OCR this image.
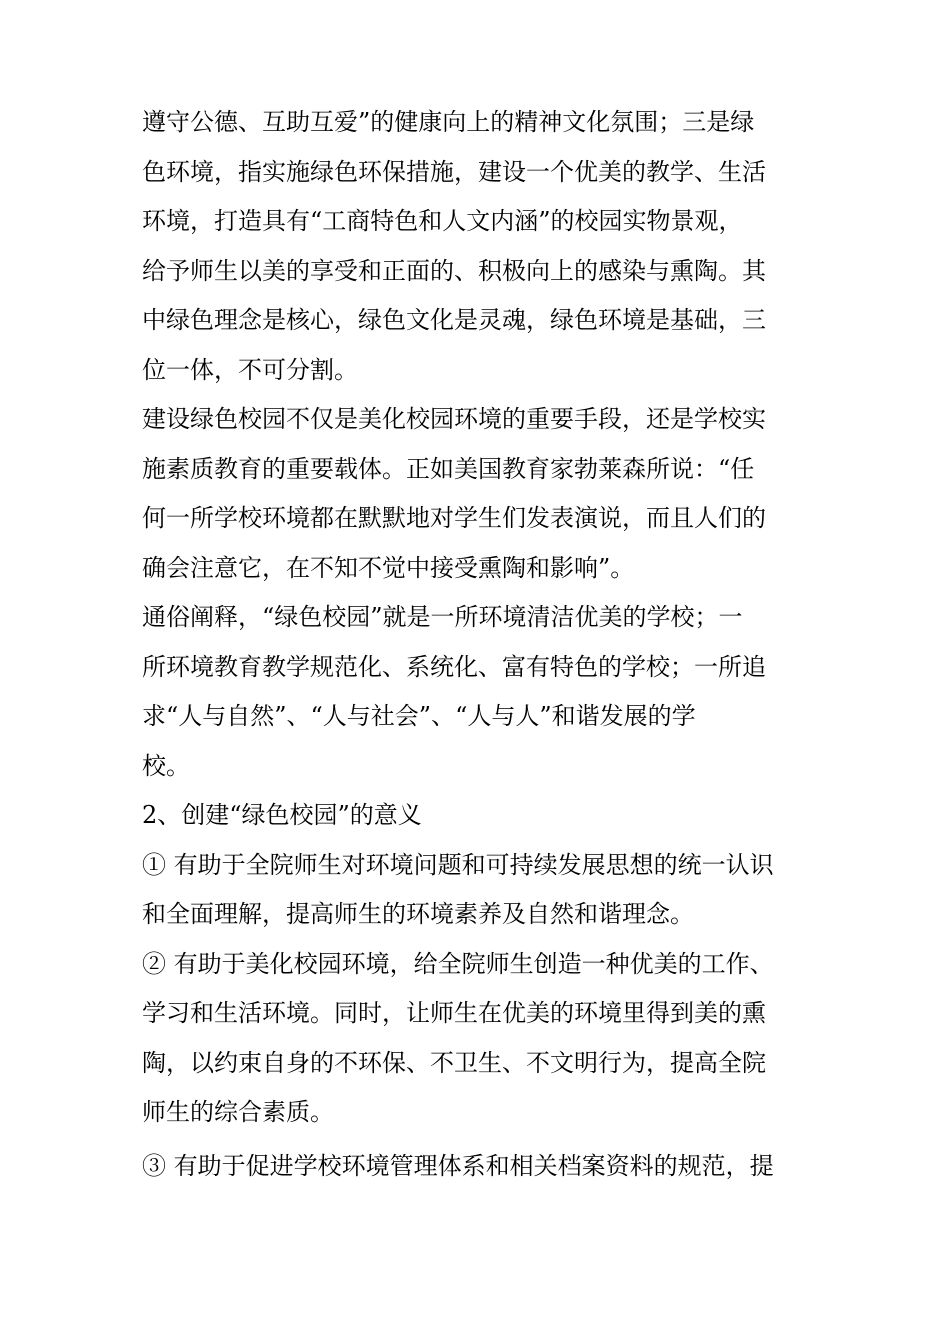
遵守公德、互助互爱”的健康向上的精神文化氛围；三是绿
色环境，指实施绿色环保措施，建设一个优美的教学、生活
环境，打造具有“工商特色和人文内涵”的校园实物景观，
给予师生以美的享受和正面的、积极向上的感染与熏陶。其
中绿色理念是核心，绿色文化是灵魂，绿色环境是基础，三
位一体，不可分割。
建设绿色校园不仅是美化校园环境的重要手段，还是学校实
施素质教育的重要载体。正如美国教育家勃莱森所说：“任
何一所学校环境都在默默地对学生们发表演说，而且人们的
确会注意它，在不知不觉中接受熏陶和影响”。
通俗阐释，“绿色校园”就是一所环境清洁优美的学校；一
所环境教育教学规范化、系统化、富有特色的学校；一所追
求“人与自然”、“人与社会”、“人与人”和谐发展的学
校。
2、创建“绿色校园”的意义
① 有助于全院师生对环境问题和可持续发展思想的统一认识
和全面理解，提高师生的环境素养及自然和谐理念。
② 有助于美化校园环境，给全院师生创造一种优美的工作、
学习和生活环境。同时，让师生在优美的环境里得到美的熏
陶，以约束自身的不环保、不卫生、不文明行为，提高全院
师生的综合素质。
③ 有助于促进学校环境管理体系和相关档案资料的规范，提
